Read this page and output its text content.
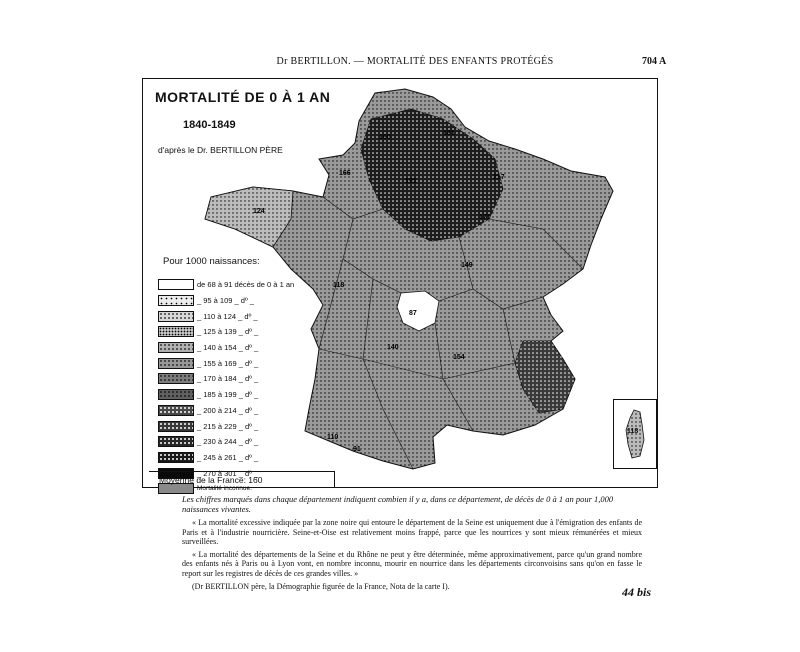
Dr BERTILLON. — MORTALITÉ DES ENFANTS PROTÉGÉS	704 A
181
166
160
87
91
110
118
154
171
140
149
124
191
217
MORTALITÉ DE 0 À 1 AN
1840-1849
d'après le Dr. BERTILLON PÈRE
Pour 1000 naissances:
de 68 à 91 décès de 0 à 1 an
_ 95 à 109 _ dº _
_ 110 à 124 _ dº _
_ 125 à 139 _ dº _
_ 140 à 154 _ dº _
_ 155 à 169 _ dº _
_ 170 à 184 _ dº _
_ 185 à 199 _ dº _
_ 200 à 214 _ dº _
_ 215 à 229 _ dº _
_ 230 à 244 _ dº _
_ 245 à 261 _ dº _
_ 270 à 301 _ dº _
Mortalité inconnue.
Moyenne de la France: 160
118

Les chiffres marqués dans chaque département indiquent combien il y a, dans ce département, de décès de 0 à 1 an pour 1,000 naissances vivantes.

« La mortalité excessive indiquée par la zone noire qui entoure le département de la Seine est uniquement due à l'émigration des enfants de Paris et à l'industrie nourricière. Seine-et-Oise est relativement moins frappé, parce que les nourrices y sont mieux rémunérées et mieux surveillées.

« La mortalité des départements de la Seine et du Rhône ne peut y être déterminée, même approximativement, parce qu'un grand nombre des enfants nés à Paris ou à Lyon vont, en nombre inconnu, mourir en nourrice dans les départements circonvoisins sans qu'on en fasse le report sur les registres de décès de ces grandes villes. »

(Dr BERTILLON père, la Démographie figurée de la France, Nota de la carte I).	44 bis
